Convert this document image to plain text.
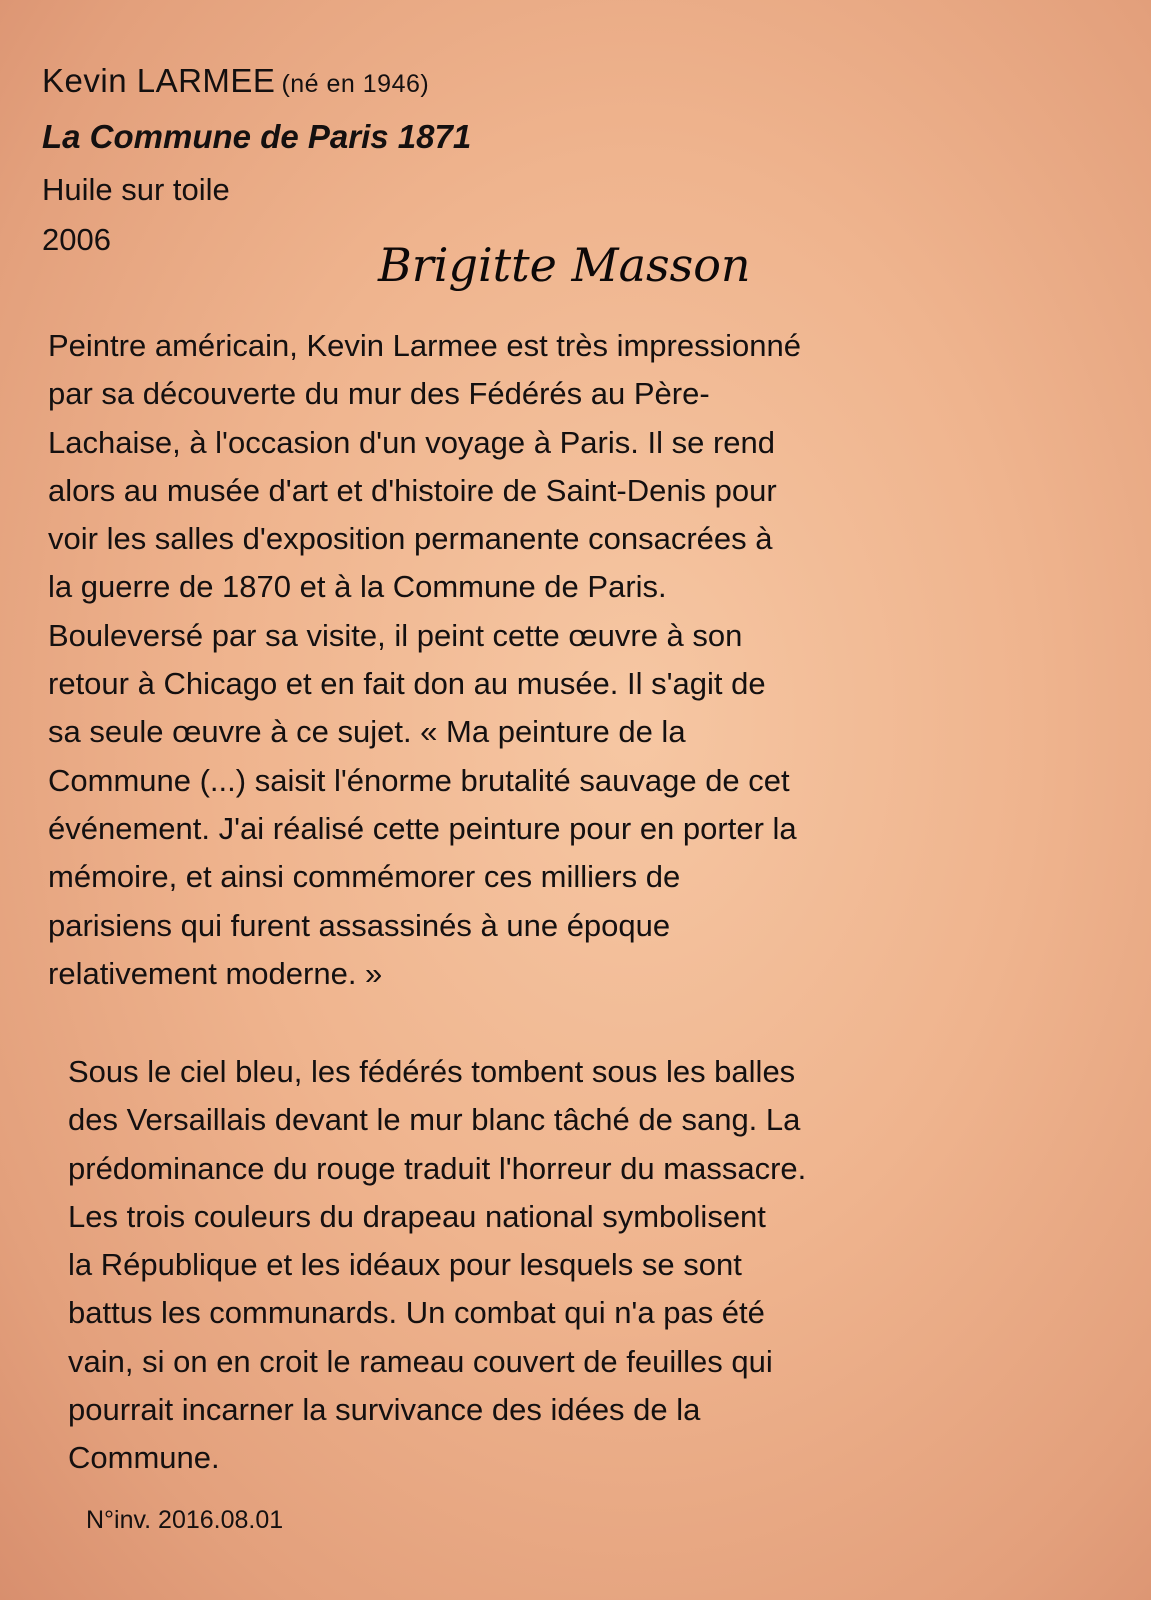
Kevin LARMEE (né en 1946)
La Commune de Paris 1871
Huile sur toile
2006	Brigitte Masson
Peintre américain, Kevin Larmee est très impressionné
par sa découverte du mur des Fédérés au Père-
Lachaise, à l'occasion d'un voyage à Paris. Il se rend
alors au musée d'art et d'histoire de Saint-Denis pour
voir les salles d'exposition permanente consacrées à
la guerre de 1870 et à la Commune de Paris.
Bouleversé par sa visite, il peint cette œuvre à son
retour à Chicago et en fait don au musée. Il s'agit de
sa seule œuvre à ce sujet. « Ma peinture de la
Commune (...) saisit l'énorme brutalité sauvage de cet
événement. J'ai réalisé cette peinture pour en porter la
mémoire, et ainsi commémorer ces milliers de
parisiens qui furent assassinés à une époque
relativement moderne. »
Sous le ciel bleu, les fédérés tombent sous les balles
des Versaillais devant le mur blanc tâché de sang. La
prédominance du rouge traduit l'horreur du massacre.
Les trois couleurs du drapeau national symbolisent
la République et les idéaux pour lesquels se sont
battus les communards. Un combat qui n'a pas été
vain, si on en croit le rameau couvert de feuilles qui
pourrait incarner la survivance des idées de la
Commune.
N°inv. 2016.08.01
